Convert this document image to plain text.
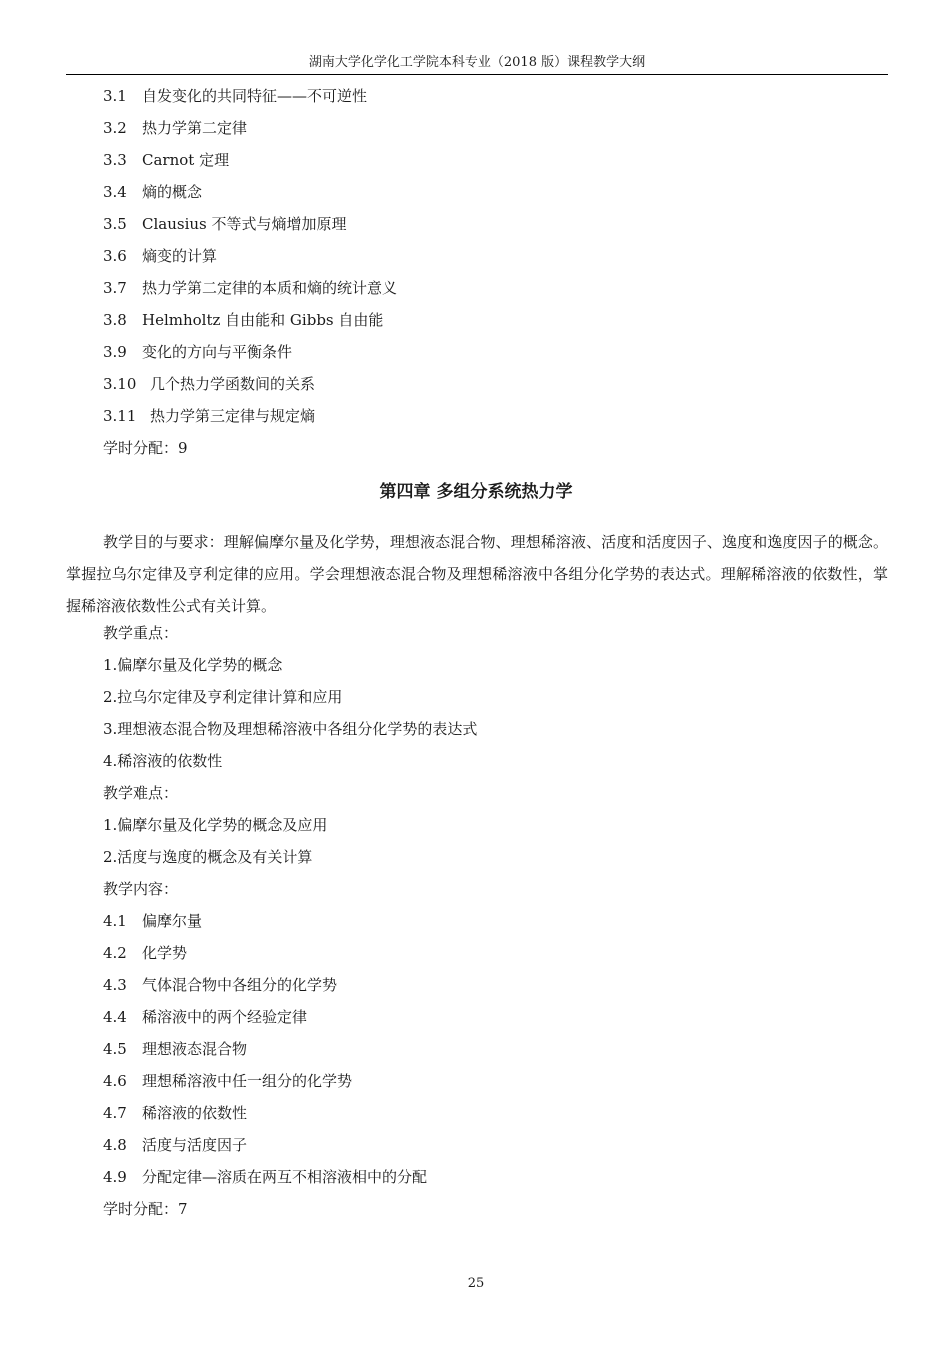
湖南大学化学化工学院本科专业（2018 版）课程教学大纲
3.1 自发变化的共同特征——不可逆性
3.2 热力学第二定律
3.3 Carnot 定理
3.4 熵的概念
3.5 Clausius 不等式与熵增加原理
3.6 熵变的计算
3.7 热力学第二定律的本质和熵的统计意义
3.8 Helmholtz 自由能和 Gibbs 自由能
3.9 变化的方向与平衡条件
3.10 几个热力学函数间的关系
3.11 热力学第三定律与规定熵
学时分配：9
第四章 多组分系统热力学
教学目的与要求：理解偏摩尔量及化学势，理想液态混合物、理想稀溶液、活度和活度因子、逸度和逸度因子的概念。掌握拉乌尔定律及亨利定律的应用。学会理想液态混合物及理想稀溶液中各组分化学势的表达式。理解稀溶液的依数性，掌握稀溶液依数性公式有关计算。
教学重点：
1.偏摩尔量及化学势的概念
2.拉乌尔定律及亨利定律计算和应用
3.理想液态混合物及理想稀溶液中各组分化学势的表达式
4.稀溶液的依数性
教学难点：
1.偏摩尔量及化学势的概念及应用
2.活度与逸度的概念及有关计算
教学内容：
4.1 偏摩尔量
4.2 化学势
4.3 气体混合物中各组分的化学势
4.4 稀溶液中的两个经验定律
4.5 理想液态混合物
4.6 理想稀溶液中任一组分的化学势
4.7 稀溶液的依数性
4.8 活度与活度因子
4.9 分配定律—溶质在两互不相溶液相中的分配
学时分配：7
25
